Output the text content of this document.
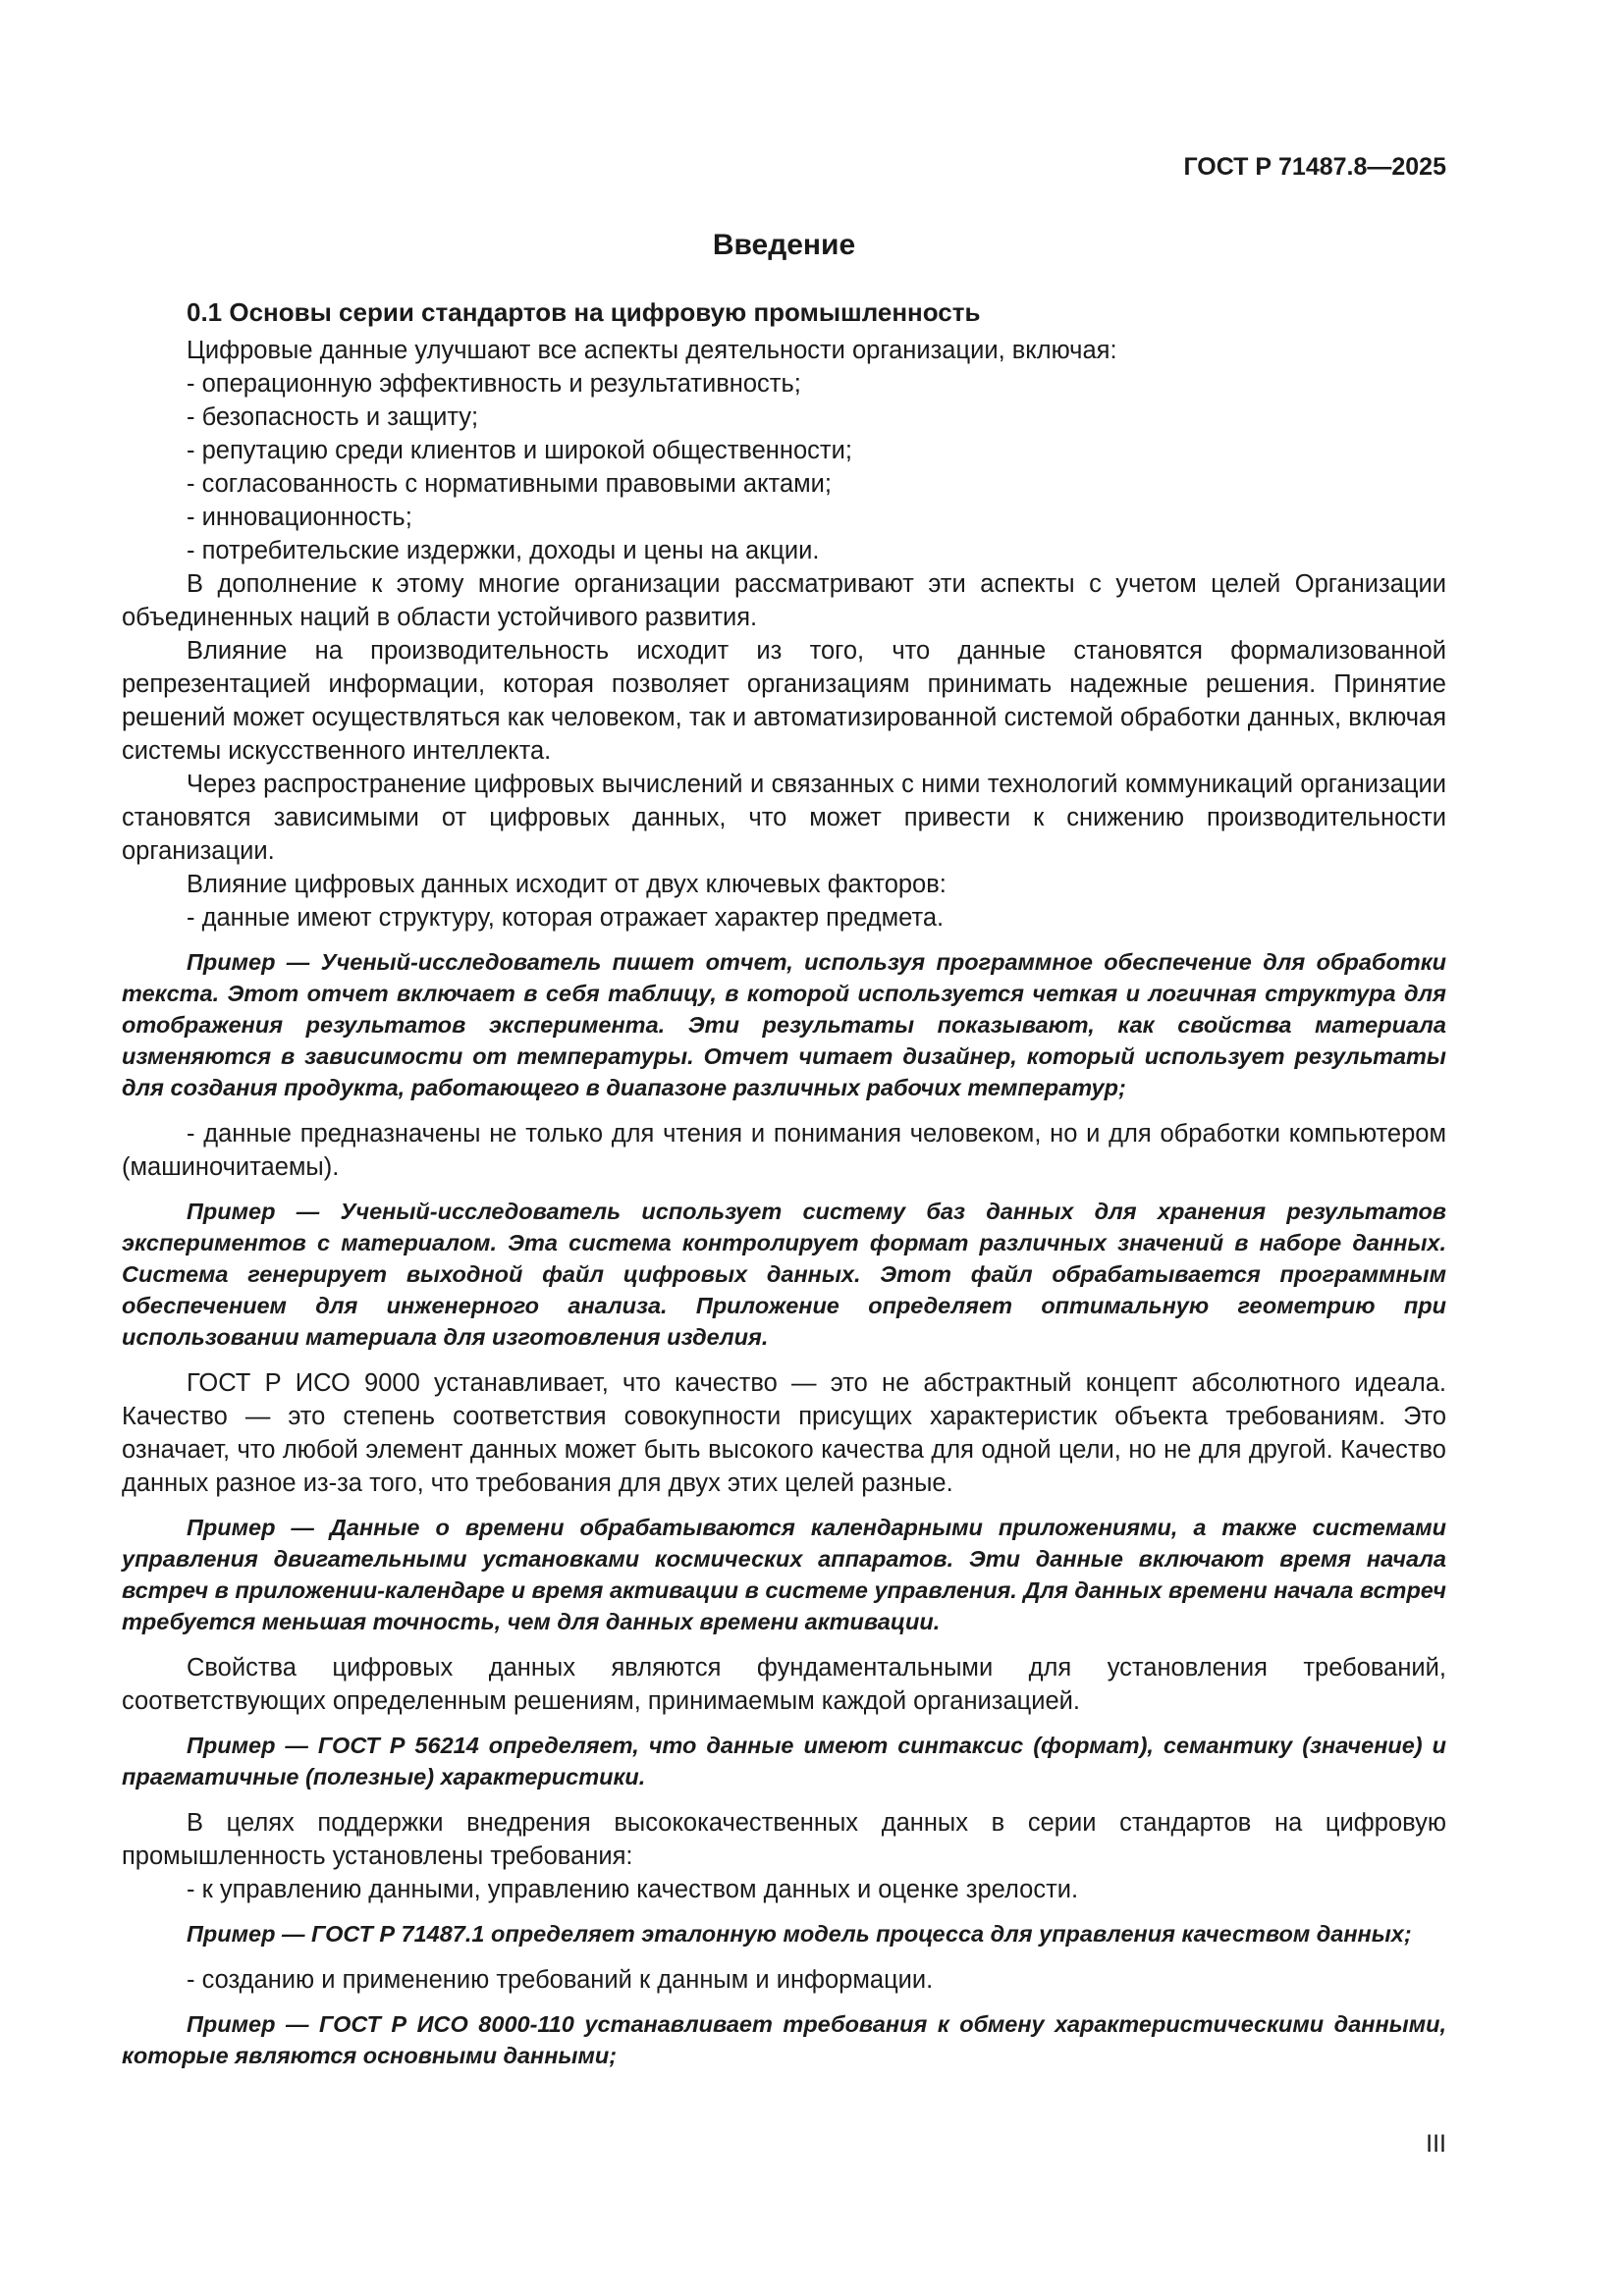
ГОСТ Р 71487.8—2025
Введение
0.1 Основы серии стандартов на цифровую промышленность

Цифровые данные улучшают все аспекты деятельности организации, включая:

- операционную эффективность и результативность;

- безопасность и защиту;

- репутацию среди клиентов и широкой общественности;

- согласованность с нормативными правовыми актами;

- инновационность;

- потребительские издержки, доходы и цены на акции.

В дополнение к этому многие организации рассматривают эти аспекты с учетом целей Организации объединенных наций в области устойчивого развития.

Влияние на производительность исходит из того, что данные становятся формализованной репрезентацией информации, которая позволяет организациям принимать надежные решения. Принятие решений может осуществляться как человеком, так и автоматизированной системой обработки данных, включая системы искусственного интеллекта.

Через распространение цифровых вычислений и связанных с ними технологий коммуникаций организации становятся зависимыми от цифровых данных, что может привести к снижению производительности организации.

Влияние цифровых данных исходит от двух ключевых факторов:

- данные имеют структуру, которая отражает характер предмета.

Пример — Ученый-исследователь пишет отчет, используя программное обеспечение для обработки текста. Этот отчет включает в себя таблицу, в которой используется четкая и логичная структура для отображения результатов эксперимента. Эти результаты показывают, как свойства материала изменяются в зависимости от температуры. Отчет читает дизайнер, который использует результаты для создания продукта, работающего в диапазоне различных рабочих температур;

- данные предназначены не только для чтения и понимания человеком, но и для обработки компьютером (машиночитаемы).

Пример — Ученый-исследователь использует систему баз данных для хранения результатов экспериментов с материалом. Эта система контролирует формат различных значений в наборе данных. Система генерирует выходной файл цифровых данных. Этот файл обрабатывается программным обеспечением для инженерного анализа. Приложение определяет оптимальную геометрию при использовании материала для изготовления изделия.

ГОСТ Р ИСО 9000 устанавливает, что качество — это не абстрактный концепт абсолютного идеала. Качество — это степень соответствия совокупности присущих характеристик объекта требованиям. Это означает, что любой элемент данных может быть высокого качества для одной цели, но не для другой. Качество данных разное из-за того, что требования для двух этих целей разные.

Пример — Данные о времени обрабатываются календарными приложениями, а также системами управления двигательными установками космических аппаратов. Эти данные включают время начала встреч в приложении-календаре и время активации в системе управления. Для данных времени начала встреч требуется меньшая точность, чем для данных времени активации.

Свойства цифровых данных являются фундаментальными для установления требований, соответствующих определенным решениям, принимаемым каждой организацией.

Пример — ГОСТ Р 56214 определяет, что данные имеют синтаксис (формат), семантику (значение) и прагматичные (полезные) характеристики.

В целях поддержки внедрения высококачественных данных в серии стандартов на цифровую промышленность установлены требования:

- к управлению данными, управлению качеством данных и оценке зрелости.

Пример — ГОСТ Р 71487.1 определяет эталонную модель процесса для управления качеством данных;

- созданию и применению требований к данным и информации.

Пример — ГОСТ Р ИСО 8000-110 устанавливает требования к обмену характеристическими данными, которые являются основными данными;

III
